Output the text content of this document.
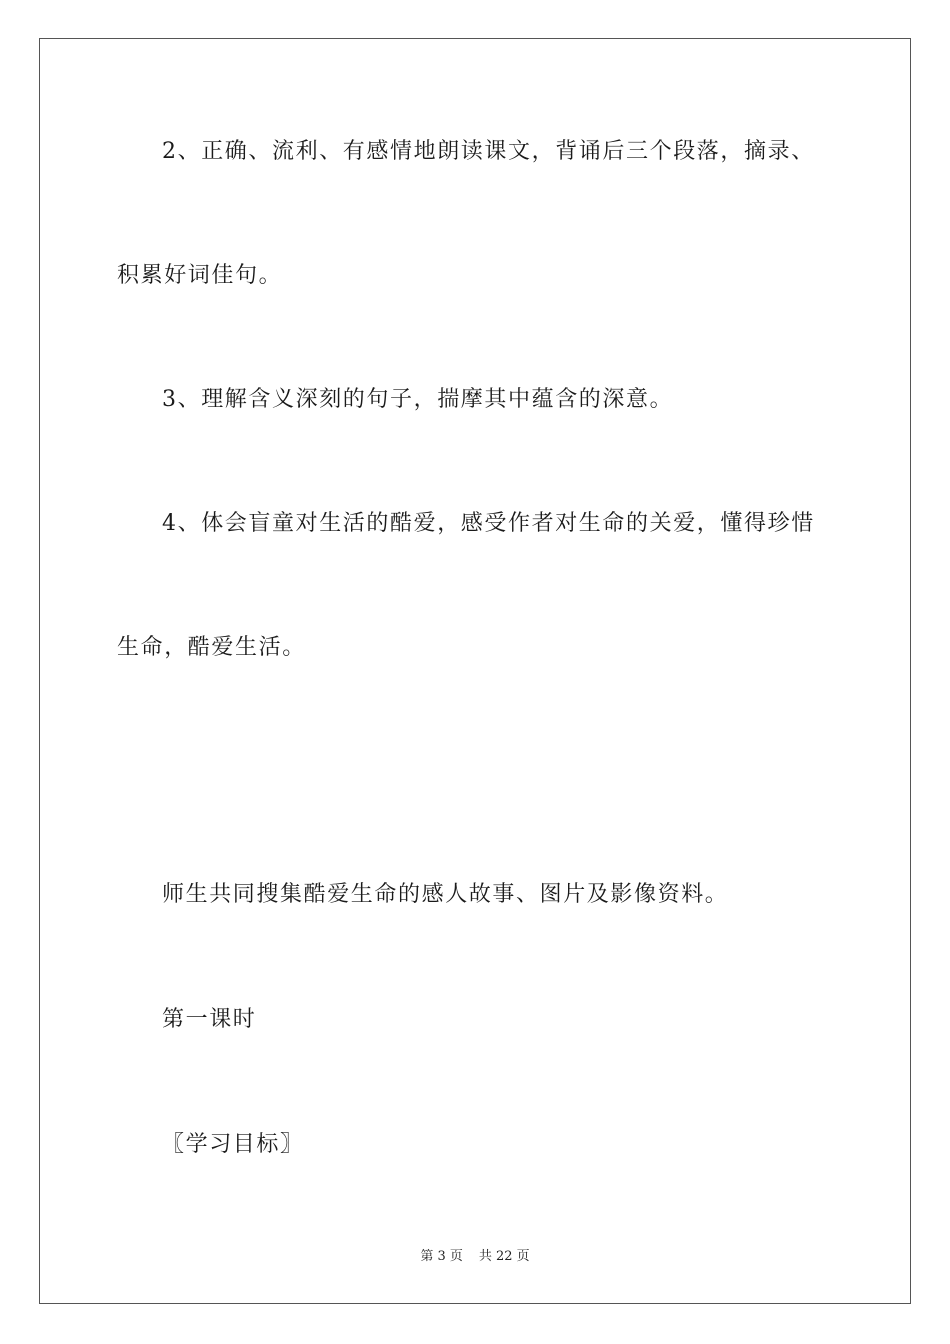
2、正确、流利、有感情地朗读课文，背诵后三个段落，摘录、
积累好词佳句。
3、理解含义深刻的句子，揣摩其中蕴含的深意。
4、体会盲童对生活的酷爱，感受作者对生命的关爱，懂得珍惜
生命，酷爱生活。
师生共同搜集酷爱生命的感人故事、图片及影像资料。
第一课时
〖学习目标〗
第 3 页 共 22 页
